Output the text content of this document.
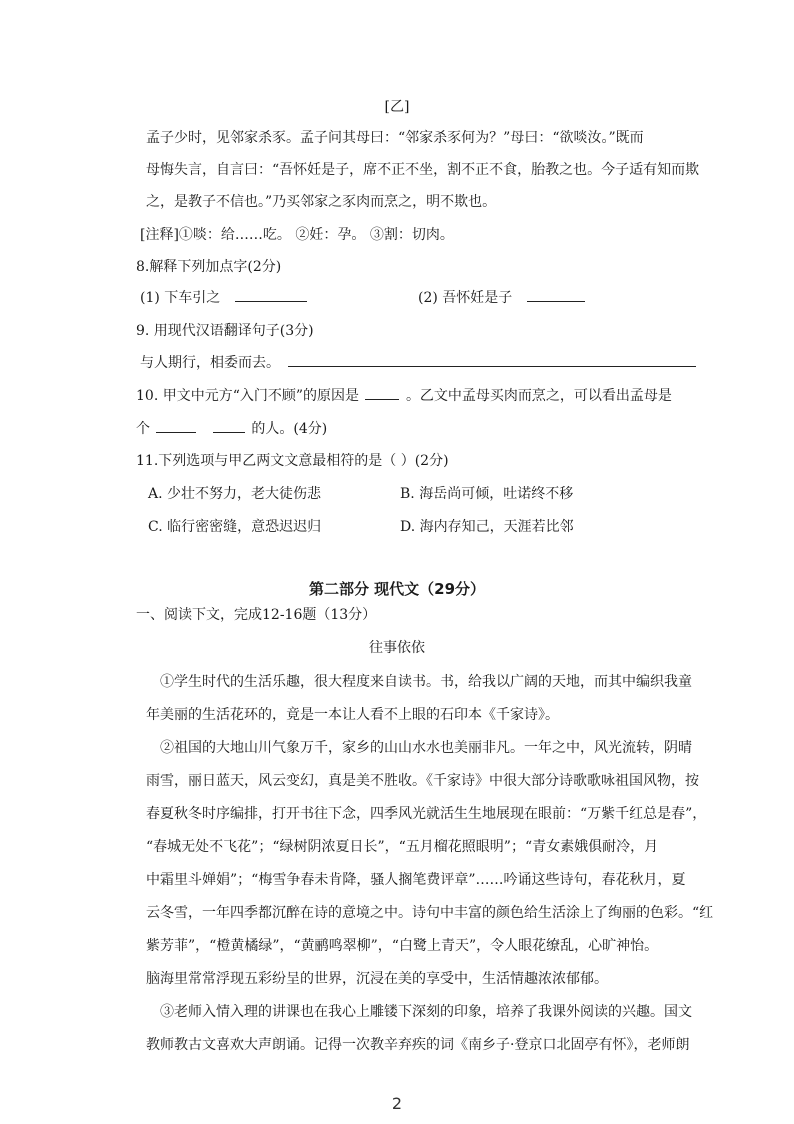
[乙]
孟子少时，见邻家杀豕。孟子问其母曰：“邻家杀豕何为？”母曰：“欲啖汝。”既而
母悔失言，自言曰：“吾怀妊是子，席不正不坐，割不正不食，胎教之也。今子适有知而欺
之，是教子不信也。”乃买邻家之豕肉而烹之，明不欺也。
[注释]①啖：给……吃。 ②妊：孕。 ③割：切肉。
8.解释下列加点字(2分)
(1) 下车引之	(2) 吾怀妊是子
9. 用现代汉语翻译句子(3分)
与人期行，相委而去。
10. 甲文中元方“入门不顾”的原因是	。乙文中孟母买肉而烹之，可以看出孟母是
个	的人。(4分)
11.下列选项与甲乙两文文意最相符的是（ ）(2分)
A. 少壮不努力，老大徒伤悲	B. 海岳尚可倾，吐诺终不移
C. 临行密密缝，意恐迟迟归	D. 海内存知己，天涯若比邻
第二部分 现代文（29分）
一、阅读下文，完成12-16题（13分）
往事依依
①学生时代的生活乐趣，很大程度来自读书。书，给我以广阔的天地，而其中编织我童
年美丽的生活花环的，竟是一本让人看不上眼的石印本《千家诗》。
②祖国的大地山川气象万千，家乡的山山水水也美丽非凡。一年之中，风光流转，阴晴
雨雪，丽日蓝天，风云变幻，真是美不胜收。《千家诗》中很大部分诗歌歌咏祖国风物，按
春夏秋冬时序编排，打开书往下念，四季风光就活生生地展现在眼前：“万紫千红总是春”，
“春城无处不飞花”；“绿树阴浓夏日长”，“五月榴花照眼明”；“青女素娥俱耐冷，月
中霜里斗婵娟”；“梅雪争春未肯降，骚人搁笔费评章”……吟诵这些诗句，春花秋月，夏
云冬雪，一年四季都沉醉在诗的意境之中。诗句中丰富的颜色给生活涂上了绚丽的色彩。“红
紫芳菲”，“橙黄橘绿”，“黄鹂鸣翠柳”，“白鹭上青天”，令人眼花缭乱，心旷神怡。
脑海里常常浮现五彩纷呈的世界，沉浸在美的享受中，生活情趣浓浓郁郁。
③老师入情入理的讲课也在我心上雕镂下深刻的印象，培养了我课外阅读的兴趣。国文
教师教古文喜欢大声朗诵。记得一次教辛弃疾的词《南乡子·登京口北固亭有怀》，老师朗
2
